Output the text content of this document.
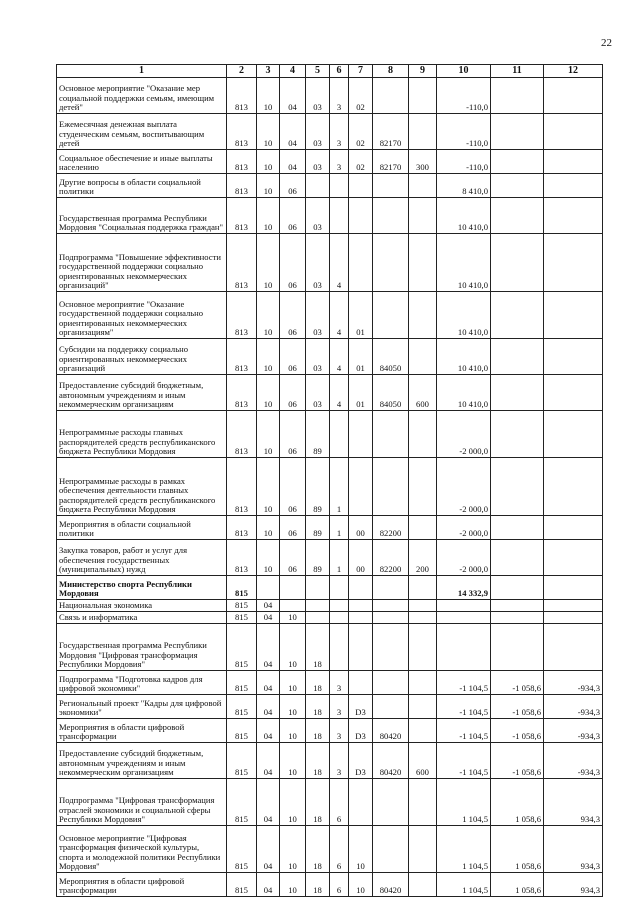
22
1	2	3	4	5	6	7	8	9	10	11	12
Основное мероприятие "Оказание мер социальной поддержки семьям, имеющим детей"	813	10	04	03	3	02			-110,0		
Ежемесячная денежная выплата студенческим семьям, воспитывающим детей	813	10	04	03	3	02	82170		-110,0		
Социальное обеспечение и иные выплаты населению	813	10	04	03	3	02	82170	300	-110,0		
Другие вопросы в области социальной политики	813	10	06						8 410,0		
Государственная программа Республики Мордовия "Социальная поддержка граждан"	813	10	06	03					10 410,0		
Подпрограмма "Повышение эффективности государственной поддержки социально ориентированных некоммерческих организаций"	813	10	06	03	4				10 410,0		
Основное мероприятие "Оказание государственной поддержки социально ориентированных некоммерческих организациям"	813	10	06	03	4	01			10 410,0		
Субсидии на поддержку социально ориентированных некоммерческих организаций	813	10	06	03	4	01	84050		10 410,0		
Предоставление субсидий бюджетным, автономным учреждениям и иным некоммерческим организациям	813	10	06	03	4	01	84050	600	10 410,0		
Непрограммные расходы главных распорядителей средств республиканского бюджета Республики Мордовия	813	10	06	89					-2 000,0		
Непрограммные расходы в рамках обеспечения деятельности главных распорядителей средств республиканского бюджета Республики Мордовия	813	10	06	89	1				-2 000,0		
Мероприятия в области социальной политики	813	10	06	89	1	00	82200		-2 000,0		
Закупка товаров, работ и услуг для обеспечения государственных (муниципальных) нужд	813	10	06	89	1	00	82200	200	-2 000,0		
Министерство спорта Республики Мордовия	815								14 332,9		
Национальная экономика	815	04									
Связь и информатика	815	04	10								
Государственная программа Республики Мордовия "Цифровая трансформация Республики Мордовия"	815	04	10	18							
Подпрограмма "Подготовка кадров для цифровой экономики"	815	04	10	18	3				-1 104,5	-1 058,6	-934,3
Региональный проект "Кадры для цифровой экономики"	815	04	10	18	3	D3			-1 104,5	-1 058,6	-934,3
Мероприятия в области цифровой трансформации	815	04	10	18	3	D3	80420		-1 104,5	-1 058,6	-934,3
Предоставление субсидий бюджетным, автономным учреждениям и иным некоммерческим организациям	815	04	10	18	3	D3	80420	600	-1 104,5	-1 058,6	-934,3
Подпрограмма "Цифровая трансформация отраслей экономики и социальной сферы Республики Мордовия"	815	04	10	18	6				1 104,5	1 058,6	934,3
Основное мероприятие "Цифровая трансформация физической культуры, спорта и молодежной политики Республики Мордовия"	815	04	10	18	6	10			1 104,5	1 058,6	934,3
Мероприятия в области цифровой трансформации	815	04	10	18	6	10	80420		1 104,5	1 058,6	934,3
